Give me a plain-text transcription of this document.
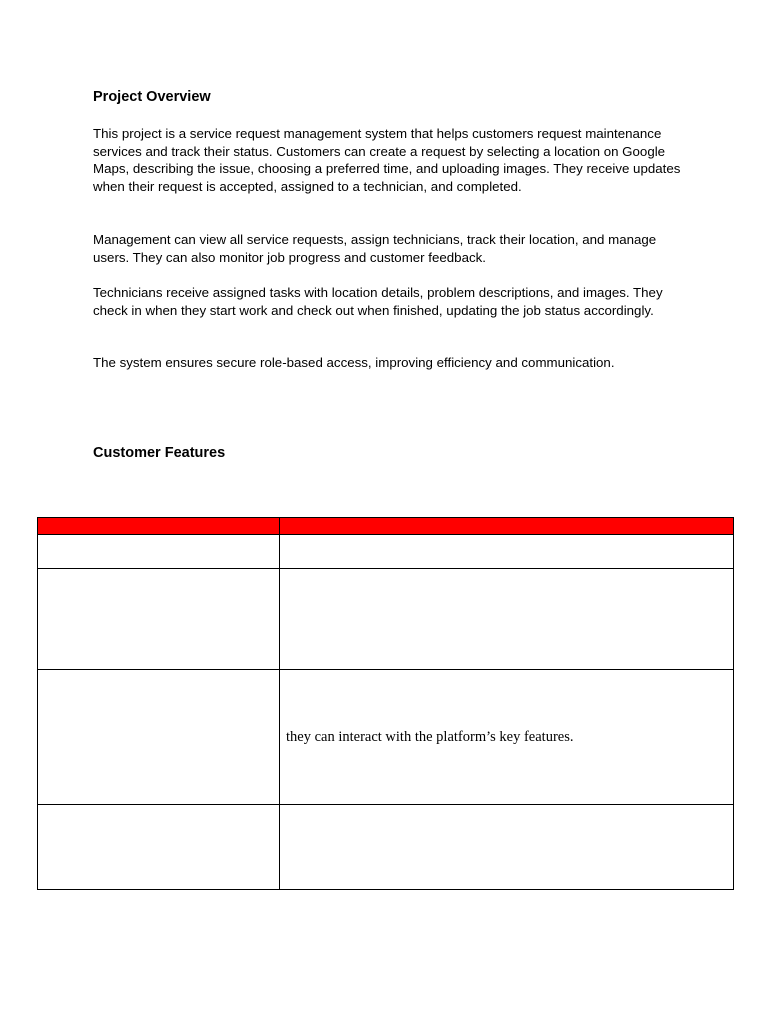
Project Overview

This project is a service request management system that helps customers request maintenance services and track their status. Customers can create a request by selecting a location on Google Maps, describing the issue, choosing a preferred time, and uploading images. They receive updates when their request is accepted, assigned to a technician, and completed.

Management can view all service requests, assign technicians, track their location, and manage users. They can also monitor job progress and customer feedback.

Technicians receive assigned tasks with location details, problem descriptions, and images. They check in when they start work and check out when finished, updating the job status accordingly.

The system ensures secure role-based access, improving efficiency and communication.

Customer Features

	they can interact with the platform’s key features.
